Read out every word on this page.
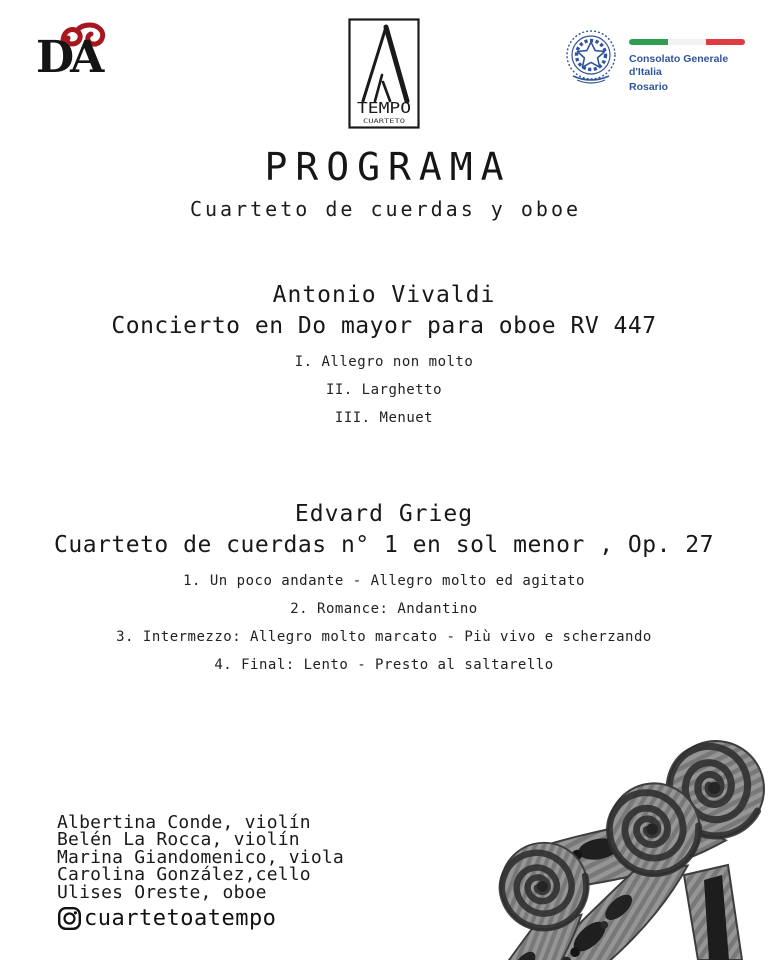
DA
TEMPO
CUARTETO
Consolato Generale d'Italia
Rosario
PROGRAMA
Cuarteto de cuerdas y oboe
Antonio Vivaldi
Concierto en Do mayor para oboe RV 447
I. Allegro non molto
II. Larghetto
III. Menuet
Edvard Grieg
Cuarteto de cuerdas n° 1 en sol menor , Op. 27
1. Un poco andante - Allegro molto ed agitato
2. Romance: Andantino
3. Intermezzo: Allegro molto marcato - Più vivo e scherzando
4. Final: Lento - Presto al saltarello
Albertina Conde, violín
Belén La Rocca, violín
Marina Giandomenico, viola
Carolina González,cello
Ulises Oreste, oboe
cuartetoatempo
